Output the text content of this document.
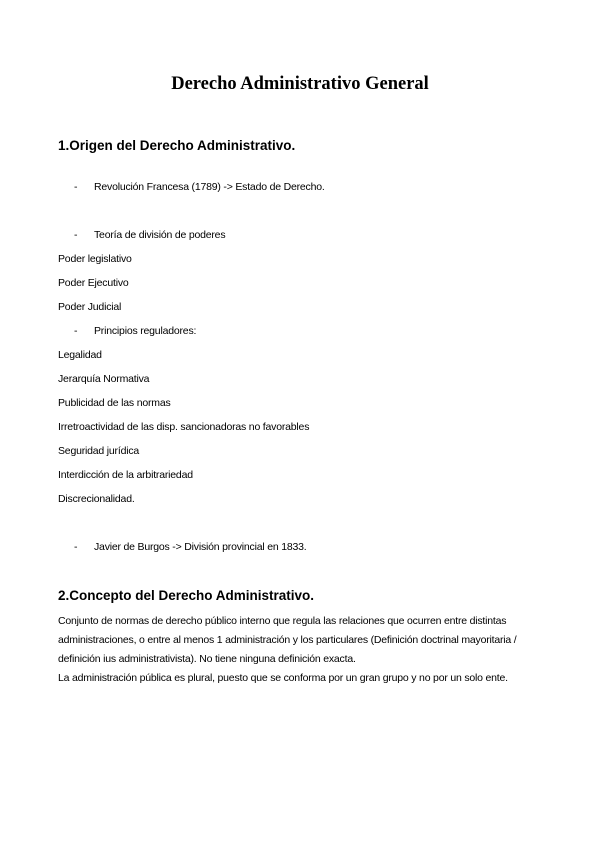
Derecho Administrativo General
1.Origen del Derecho Administrativo.
- Revolución Francesa (1789) -> Estado de Derecho.
- Teoría de división de poderes
Poder legislativo
Poder Ejecutivo
Poder Judicial
- Principios reguladores:
Legalidad
Jerarquía Normativa
Publicidad de las normas
Irretroactividad de las disp. sancionadoras no favorables
Seguridad jurídica
Interdicción de la arbitrariedad
Discrecionalidad.
- Javier de Burgos -> División provincial en 1833.
2.Concepto del Derecho Administrativo.
Conjunto de normas de derecho público interno que regula las relaciones que ocurren entre distintas administraciones, o entre al menos 1 administración y los particulares (Definición doctrinal mayoritaria / definición ius administrativista). No tiene ninguna definición exacta.
La administración pública es plural, puesto que se conforma por un gran grupo y no por un solo ente.
